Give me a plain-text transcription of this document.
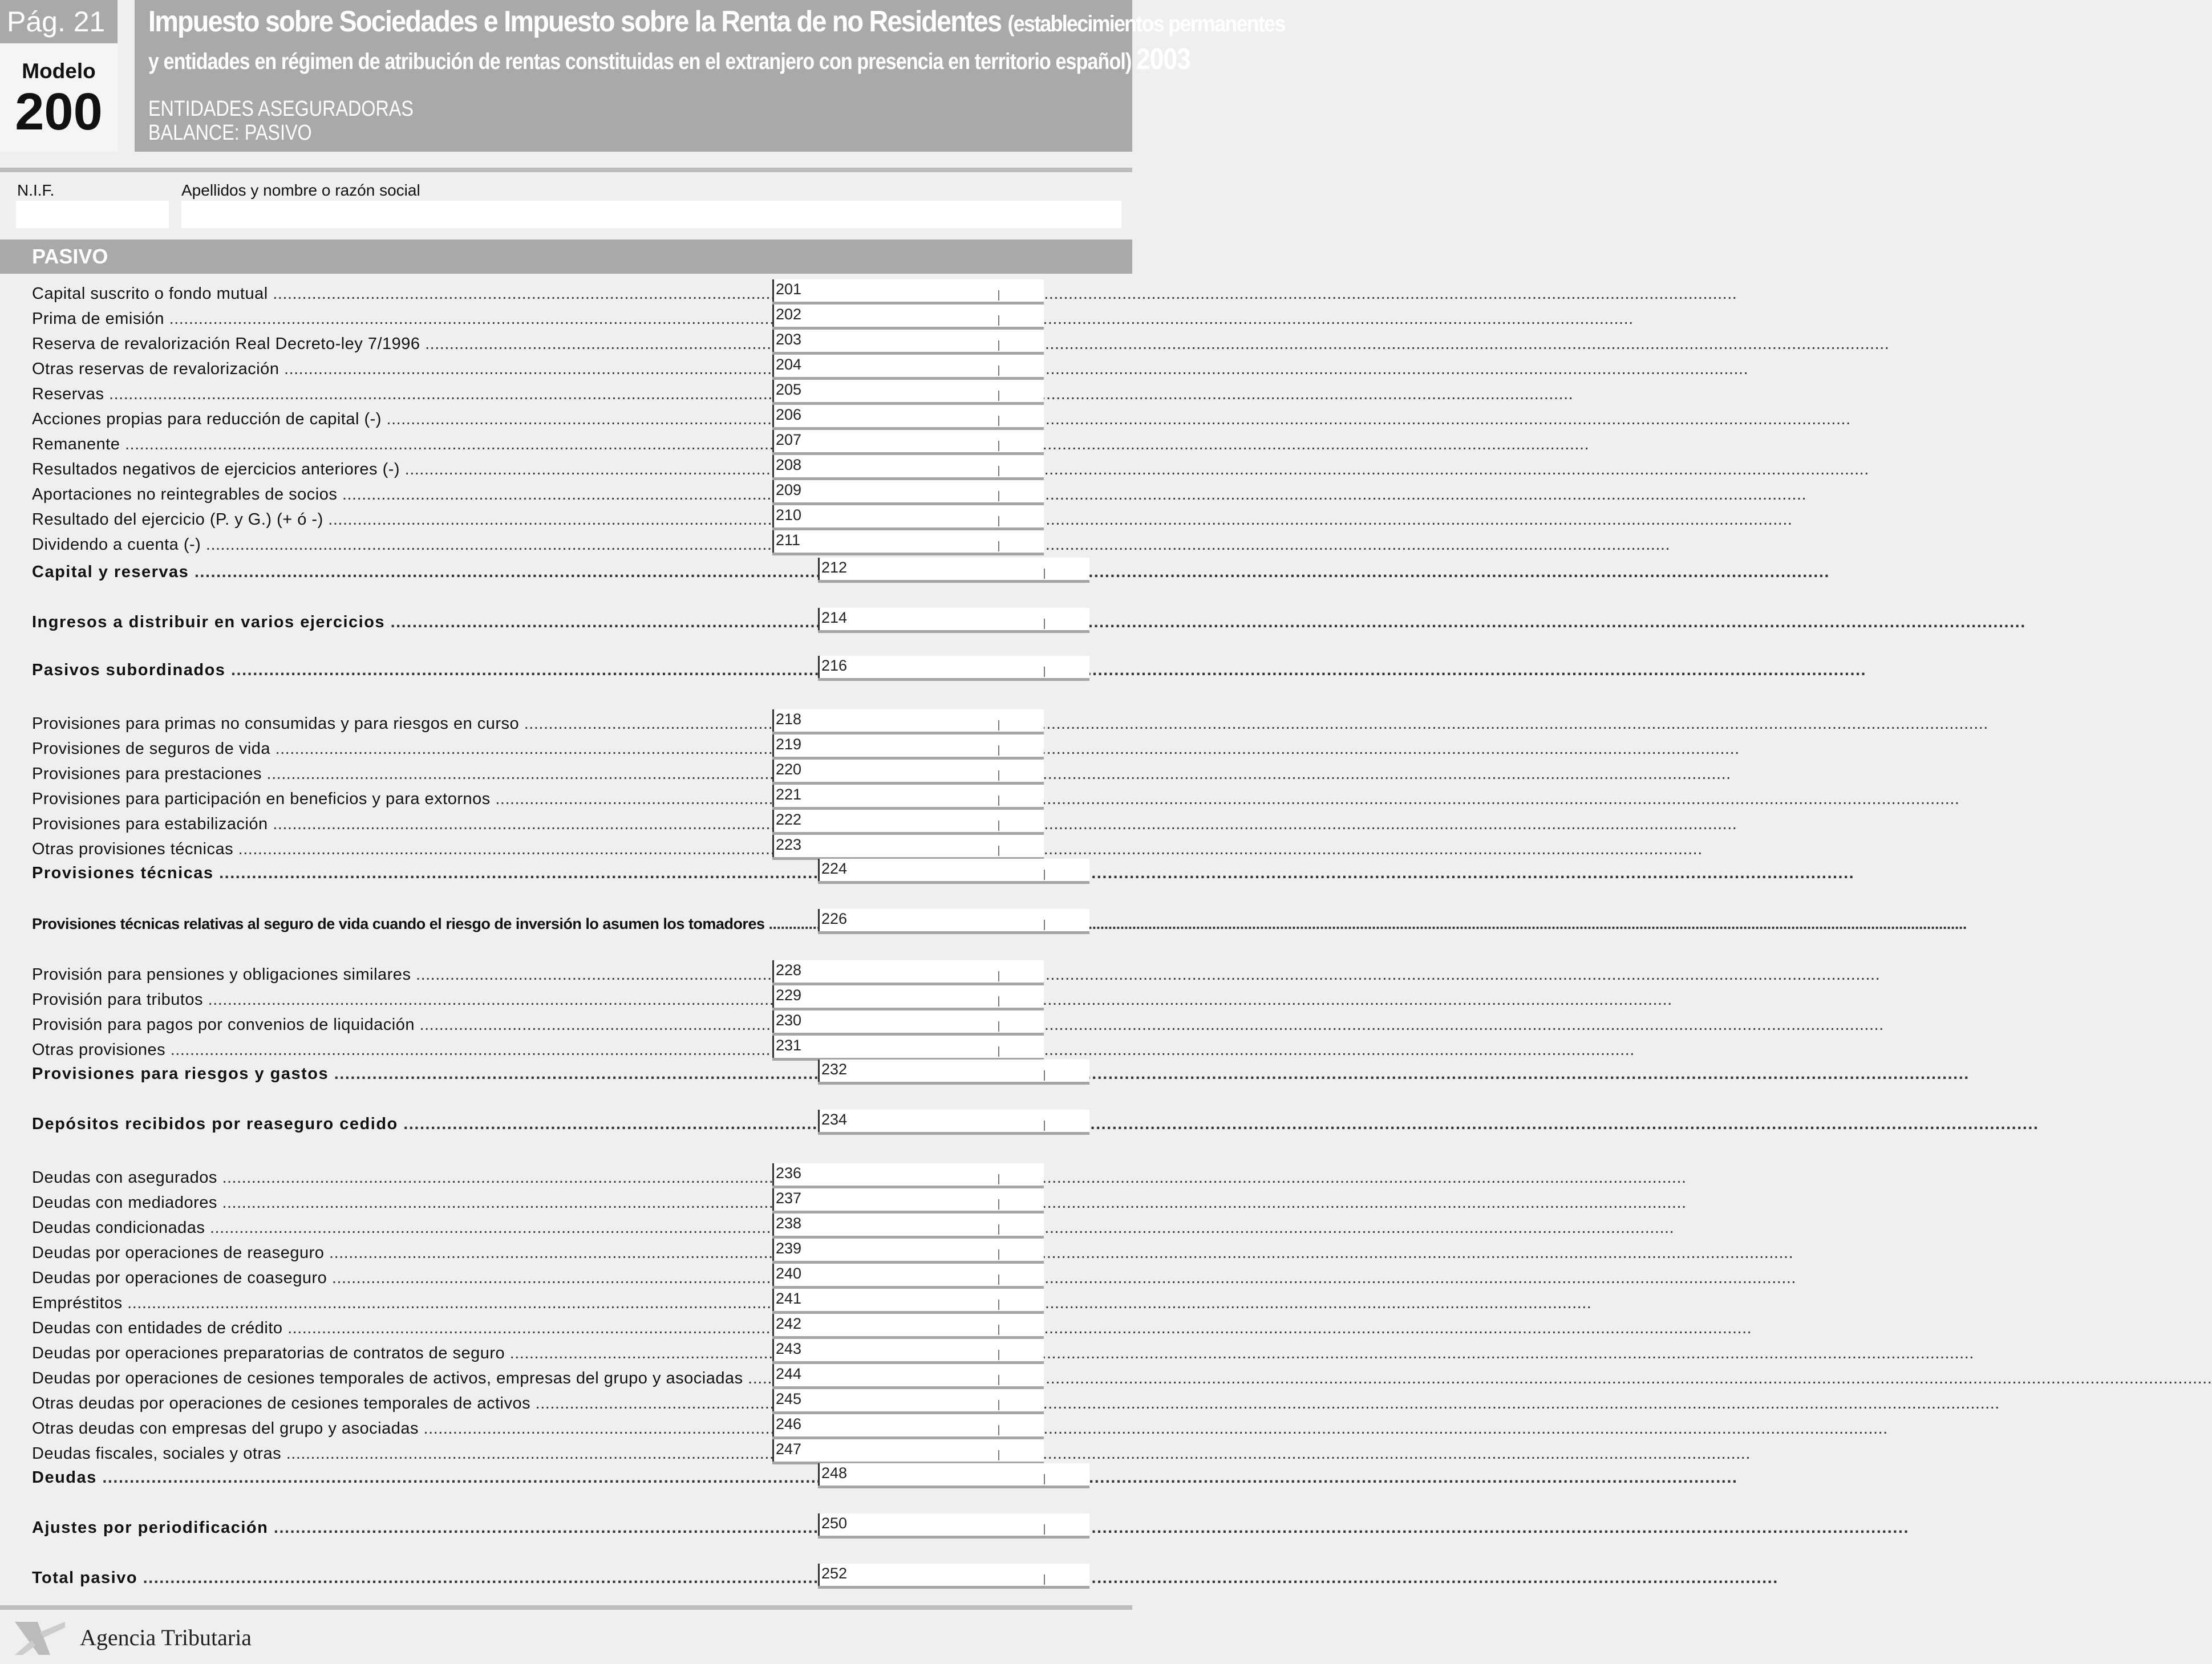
Pág. 21
Modelo
200
Impuesto sobre Sociedades e Impuesto sobre la Renta de no Residentes (establecimientos permanentes
y entidades en régimen de atribución de rentas constituidas en el extranjero con presencia en territorio español) 2003
ENTIDADES ASEGURADORAS
BALANCE: PASIVO
N.I.F.	Apellidos y nombre o razón social
PASIVO
Capital suscrito o fondo mutual .....	201
Prima de emisión .....	202
Reserva de revalorización Real Decreto-ley 7/1996 .....	203
Otras reservas de revalorización .....	204
Reservas .....	205
Acciones propias para reducción de capital (-) .....	206
Remanente .....	207
Resultados negativos de ejercicios anteriores (-) .....	208
Aportaciones no reintegrables de socios .....	209
Resultado del ejercicio (P. y G.) (+ ó -) .....	210
Dividendo a cuenta (-) .....	211
Capital y reservas .....	212
Ingresos a distribuir en varios ejercicios .....	214
Pasivos subordinados .....	216
Provisiones para primas no consumidas y para riesgos en curso .....	218
Provisiones de seguros de vida .....	219
Provisiones para prestaciones .....	220
Provisiones para participación en beneficios y para extornos .....	221
Provisiones para estabilización .....	222
Otras provisiones técnicas .....	223
Provisiones técnicas .....	224
Provisiones técnicas relativas al seguro de vida cuando el riesgo de inversión lo asumen los tomadores .....	226
Provisión para pensiones y obligaciones similares .....	228
Provisión para tributos .....	229
Provisión para pagos por convenios de liquidación .....	230
Otras provisiones .....	231
Provisiones para riesgos y gastos .....	232
Depósitos recibidos por reaseguro cedido .....	234
Deudas con asegurados .....	236
Deudas con mediadores .....	237
Deudas condicionadas .....	238
Deudas por operaciones de reaseguro .....	239
Deudas por operaciones de coaseguro .....	240
Empréstitos .....	241
Deudas con entidades de crédito .....	242
Deudas por operaciones preparatorias de contratos de seguro .....	243
Deudas por operaciones de cesiones temporales de activos, empresas del grupo y asociadas .....	244
Otras deudas por operaciones de cesiones temporales de activos .....	245
Otras deudas con empresas del grupo y asociadas .....	246
Deudas fiscales, sociales y otras .....	247
Deudas .....	248
Ajustes por periodificación .....	250
Total pasivo .....	252
Agencia Tributaria
